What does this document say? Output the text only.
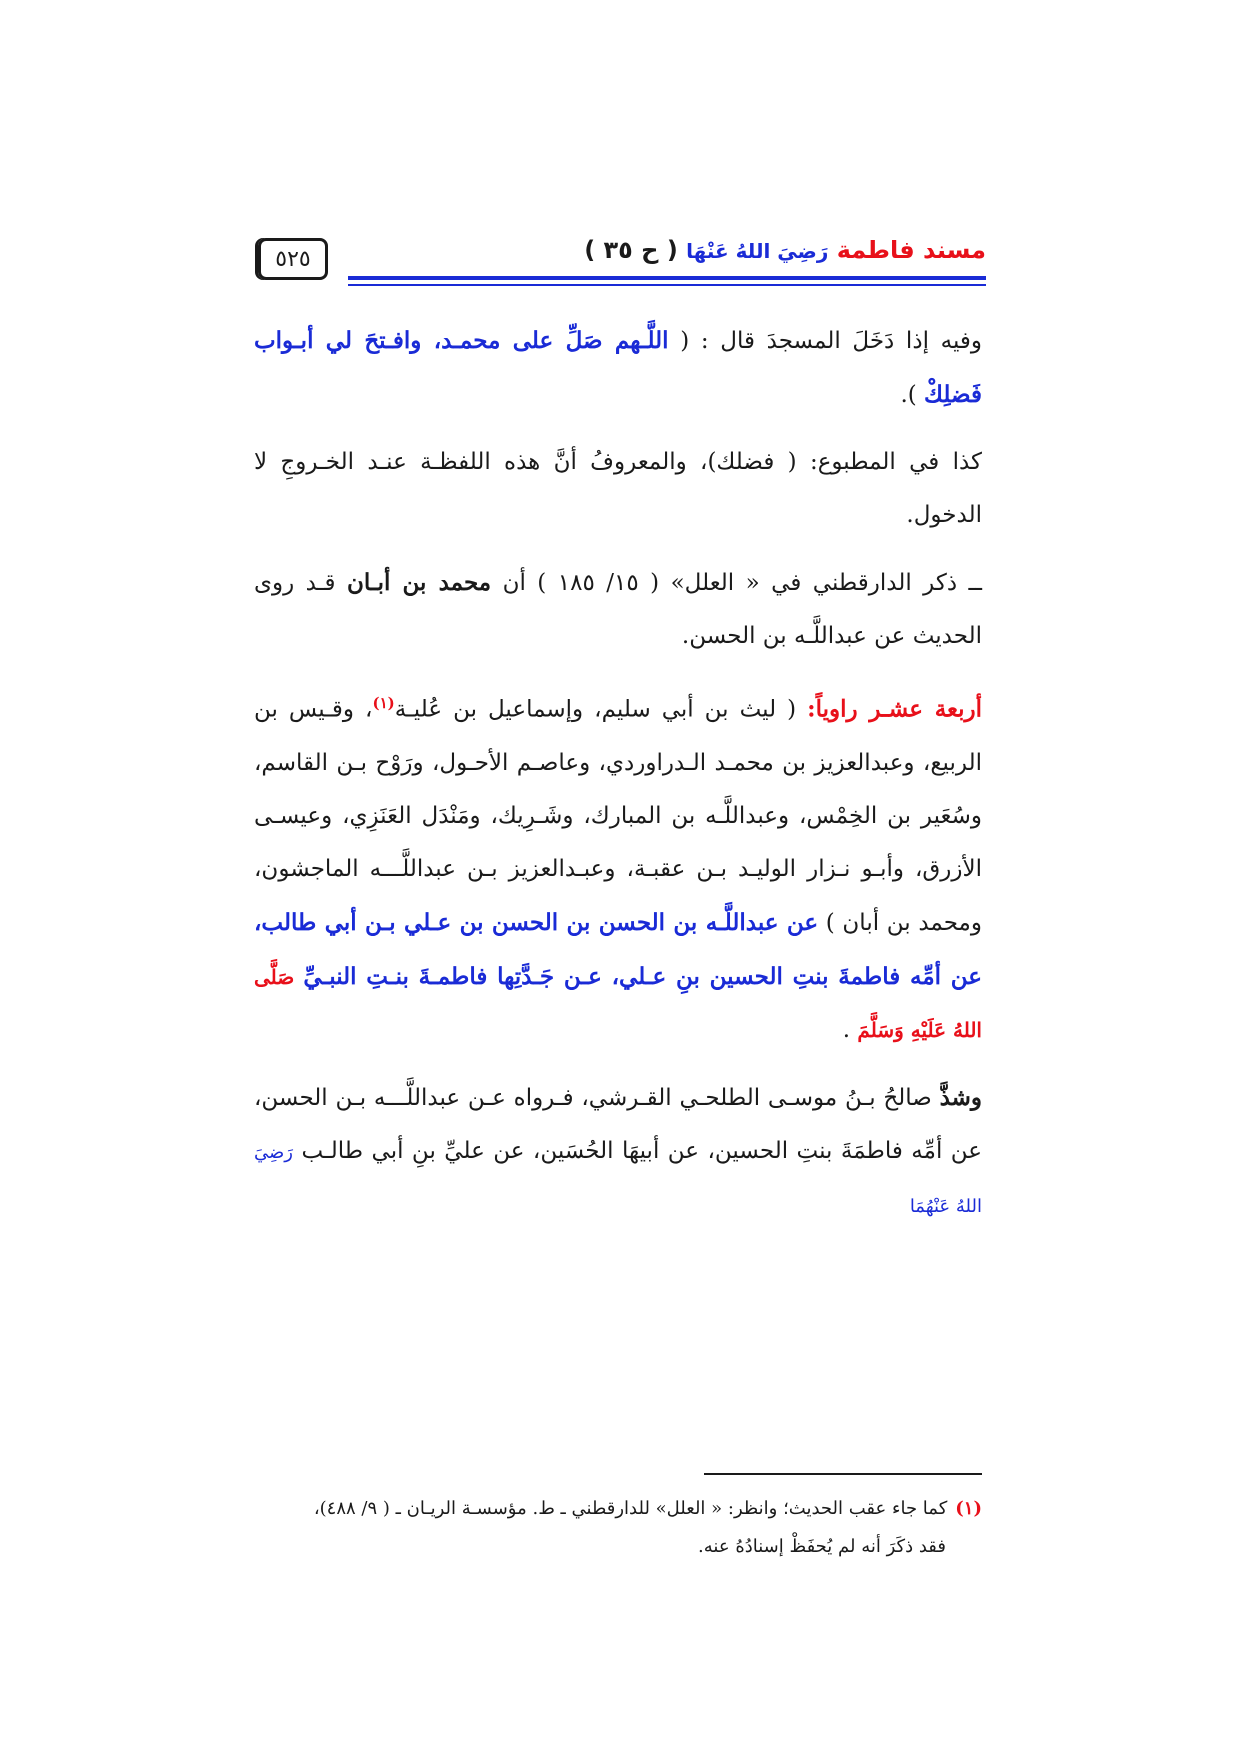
٥٢٥	مسند فاطمة رَضِيَ اللهُ عَنْهَا ( ح ٣٥ )

وفيه إذا دَخَلَ المسجدَ قال : ( اللَّـهم صَلِّ على محمـد، وافـتحَ لي أبـواب فَضلِكْ ).

كذا في المطبوع: ( فضلك)، والمعروفُ أنَّ هذه اللفظـة عنـد الخـروجِ لا الدخول.

ــ ذكر الدارقطني في « العلل» ( ١٥/ ١٨٥ ) أن محمد بن أبـان قـد روى الحديث عن عبداللَّـه بن الحسن.

أربعة عشـر راوياً: ( ليث بن أبي سليم، وإسماعيل بن عُليـة$^{(١)}$، وقـيس بن الربيع، وعبدالعزيز بن محمـد الـدراوردي، وعاصـم الأحـول، ورَوْح بـن القاسم، وسُعَير بن الخِمْس، وعبداللَّـه بن المبارك، وشَـرِيك، ومَنْدَل العَنَزِي، وعيسـى الأزرق، وأبـو نـزار الوليـد بـن عقبـة، وعبـدالعزيز بـن عبداللَّـــه الماجشون، ومحمد بن أبان ) عن عبداللَّـه بن الحسن بن الحسن بن عـلي بـن أبي طالب، عن أمِّه فاطمةَ بنتِ الحسين بنِ عـلي، عـن جَـدَّتِها فاطمـةَ بنـتِ النبـيِّ صَلَّى اللهُ عَلَيْهِ وَسَلَّمَ .

وشذَّ صالحُ بـنُ موسـى الطلحـي القـرشي، فـرواه عـن عبداللَّـــه بـن الحسن، عن أمِّه فاطمَةَ بنتِ الحسين، عن أبيهَا الحُسَين، عن عليِّ بنِ أبي طالـب رَضِيَ اللهُ عَنْهُمَا

(١)كما جاء عقب الحديث؛ وانظر: « العلل» للدارقطني ـ ط. مؤسسـة الريـان ـ ( ٩/ ٤٨٨)،

فقد ذكَرَ أنه لم يُحفَظْ إسنادُهُ عنه.
